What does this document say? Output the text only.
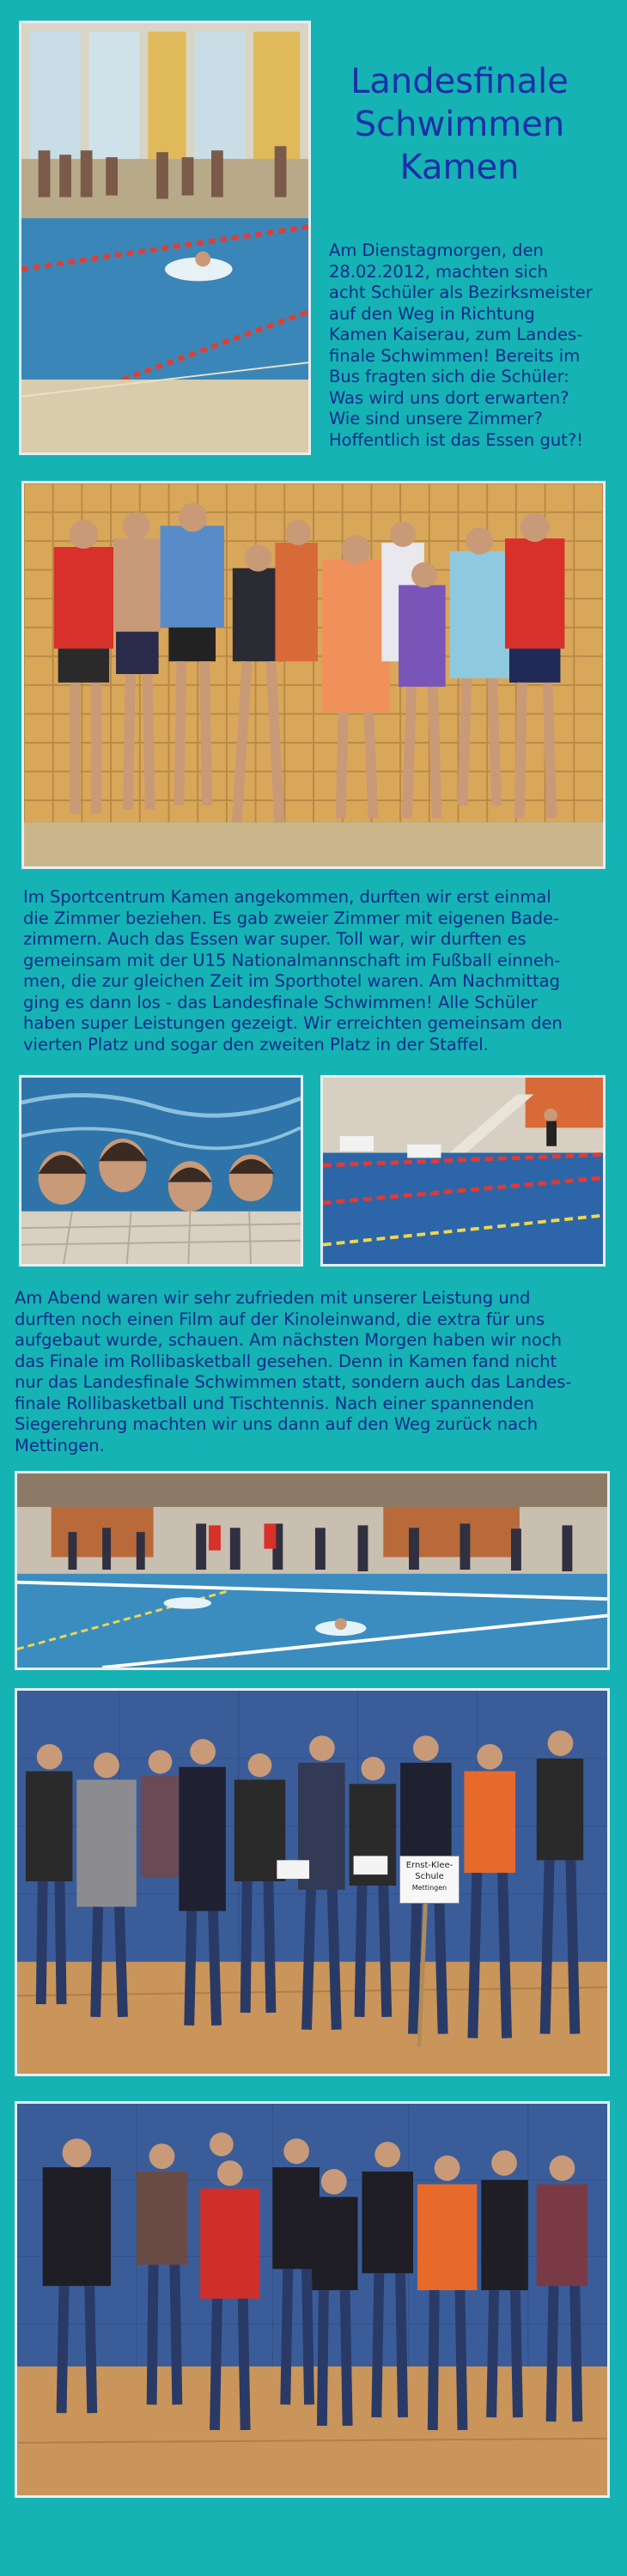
Landesfinale
Schwimmen
Kamen
Am Dienstagmorgen, den
28.02.2012, machten sich
acht Schüler als Bezirksmeister
auf den Weg in Richtung
Kamen Kaiserau, zum Landes-
finale Schwimmen! Bereits im
Bus fragten sich die Schüler:
Was wird uns dort erwarten?
Wie sind unsere Zimmer?
Hoffentlich ist das Essen gut?!
Im Sportcentrum Kamen angekommen, durften wir erst einmal
die Zimmer beziehen. Es gab zweier Zimmer mit eigenen Bade-
zimmern. Auch das Essen war super. Toll war, wir durften es
gemeinsam mit der U15 Nationalmannschaft im Fußball einneh-
men, die zur gleichen Zeit im Sporthotel waren. Am Nachmittag
ging es dann los - das Landesfinale Schwimmen! Alle Schüler
haben super Leistungen gezeigt. Wir erreichten gemeinsam den
vierten Platz und sogar den zweiten Platz in der Staffel.
Am Abend waren wir sehr zufrieden mit unserer Leistung und
durften noch einen Film auf der Kinoleinwand, die extra für uns
aufgebaut wurde, schauen. Am nächsten Morgen haben wir noch
das Finale im Rollibasketball gesehen. Denn in Kamen fand nicht
nur das Landesfinale Schwimmen statt, sondern auch das Landes-
finale Rollibasketball und Tischtennis. Nach einer spannenden
Siegerehrung machten wir uns dann auf den Weg zurück nach
Mettingen.
Ernst-Klee-
Schule
Mettingen
